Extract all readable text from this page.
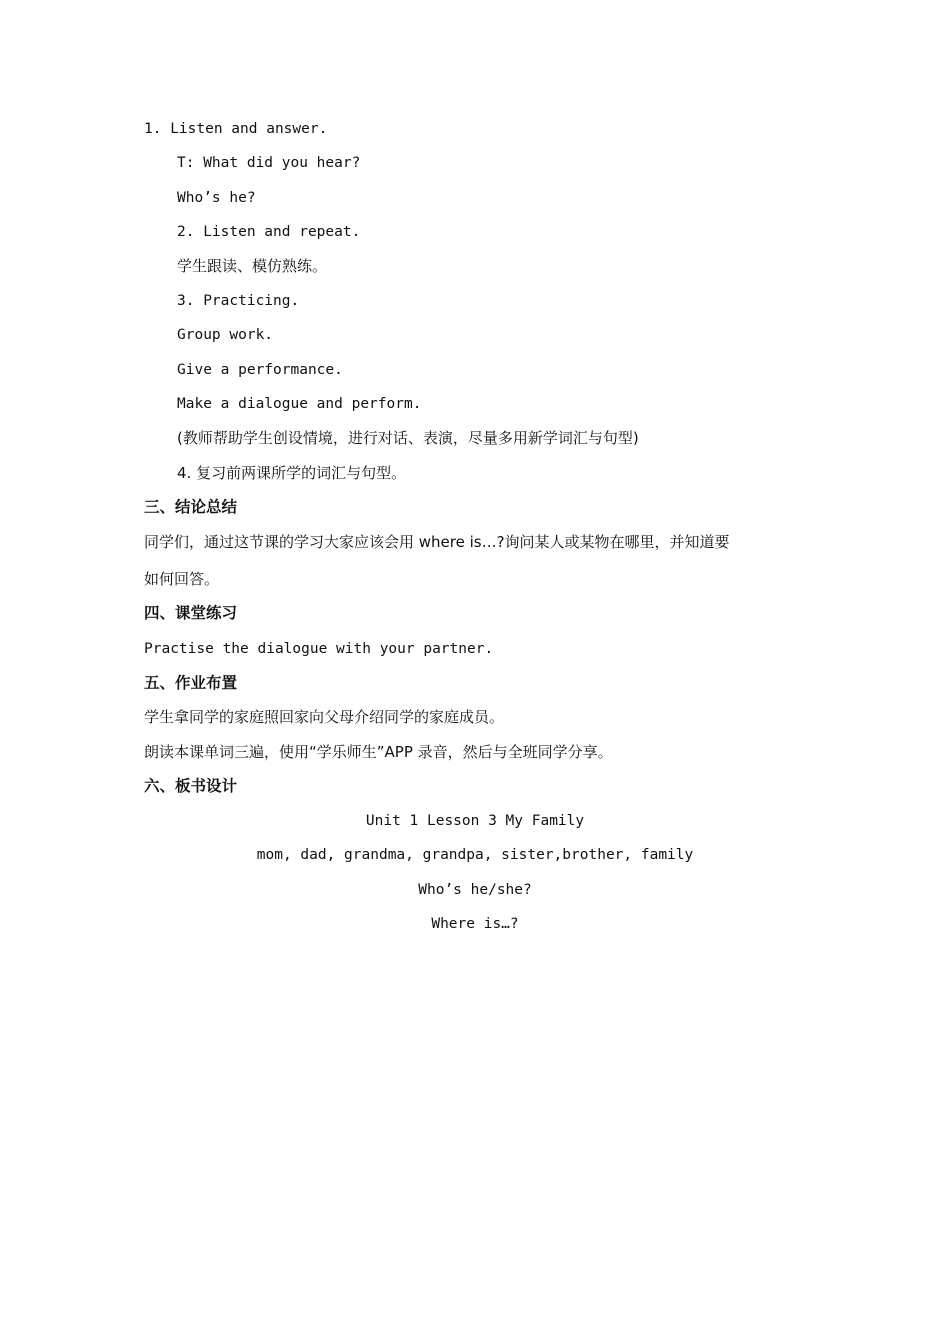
1. Listen and answer.
T: What did you hear?
Who’s he?
2. Listen and repeat.
学生跟读、模仿熟练。
3. Practicing.
Group work.
Give a performance.
Make a dialogue and perform.
(教师帮助学生创设情境，进行对话、表演，尽量多用新学词汇与句型)
4. 复习前两课所学的词汇与句型。
三、结论总结
同学们，通过这节课的学习大家应该会用 where is…?询问某人或某物在哪里，并知道要
如何回答。
四、课堂练习
Practise the dialogue with your partner.
五、作业布置
学生拿同学的家庭照回家向父母介绍同学的家庭成员。
朗读本课单词三遍，使用“学乐师生”APP 录音，然后与全班同学分享。
六、板书设计
Unit 1 Lesson 3 My Family
mom, dad, grandma, grandpa, sister,brother, family
Who’s he/she?
Where is…?
